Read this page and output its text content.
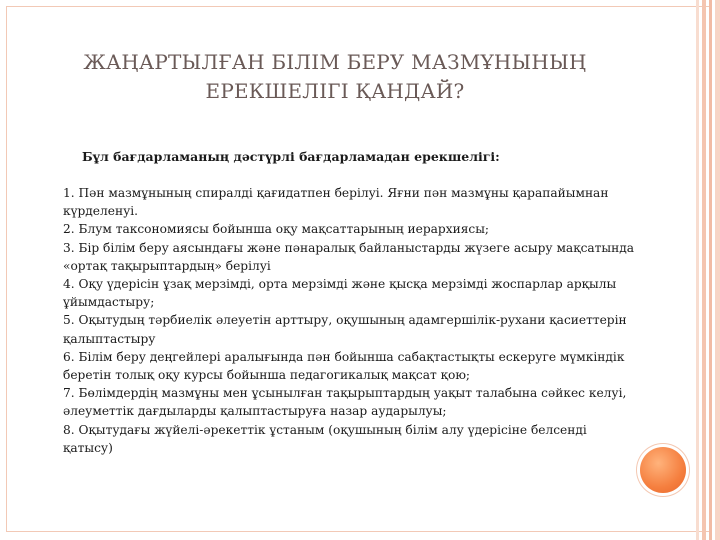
ЖАҢАРТЫЛҒАН БІЛІМ БЕРУ МАЗМҰНЫНЫҢ
ЕРЕКШЕЛІГІ ҚАНДАЙ?
Бұл бағдарламаның дәстүрлі бағдарламадан ерекшелігі:
1. Пән мазмұнының спиралді қағидатпен берілуі. Яғни пән мазмұны қарапайымнан күрделенуі.
2. Блум таксономиясы бойынша оқу мақсаттарының иерархиясы;
3. Бір білім беру аясындағы және пәнаралық байланыстарды жүзеге асыру мақсатында «ортақ тақырыптардың» берілуі
4. Оқу үдерісін ұзақ мерзімді, орта мерзімді және қысқа мерзімді жоспарлар арқылы ұйымдастыру;
5. Оқытудың тәрбиелік әлеуетін арттыру, оқушының адамгершілік-рухани қасиеттерін қалыптастыру
6. Білім беру деңгейлері аралығында пән бойынша сабақтастықты ескеруге мүмкіндік беретін толық оқу курсы бойынша педагогикалық мақсат қою;
7. Бөлімдердің мазмұны мен ұсынылған тақырыптардың уақыт талабына сәйкес келуі, әлеуметтік дағдыларды қалыптастыруға назар аударылуы;
8. Оқытудағы жүйелі-әрекеттік ұстаным (оқушының білім алу үдерісіне белсенді қатысу)
